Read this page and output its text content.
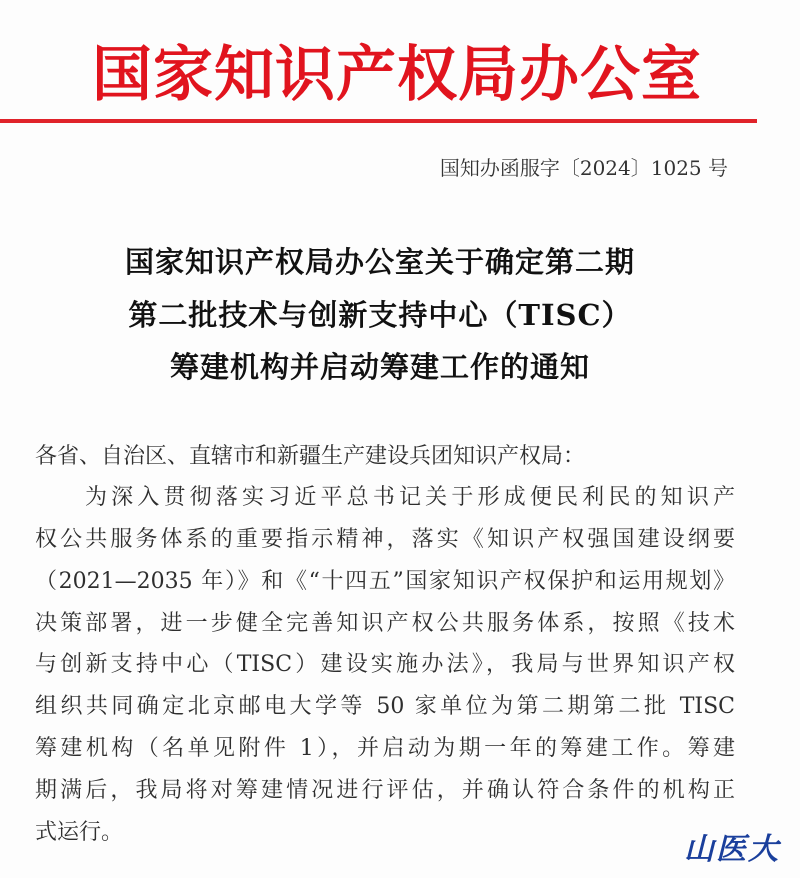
国家知识产权局办公室
国知办函服字〔2024〕1025 号
国家知识产权局办公室关于确定第二期
第二批技术与创新支持中心（TISC）
筹建机构并启动筹建工作的通知
各省、自治区、直辖市和新疆生产建设兵团知识产权局：
为深入贯彻落实习近平总书记关于形成便民利民的知识产
权公共服务体系的重要指示精神，落实《知识产权强国建设纲要
（2021—2035 年）》和《“十四五”国家知识产权保护和运用规划》
决策部署，进一步健全完善知识产权公共服务体系，按照《技术
与创新支持中心（TISC）建设实施办法》，我局与世界知识产权
组织共同确定北京邮电大学等 50 家单位为第二期第二批 TISC
筹建机构（名单见附件 1），并启动为期一年的筹建工作。筹建
期满后，我局将对筹建情况进行评估，并确认符合条件的机构正
式运行。	山医大
